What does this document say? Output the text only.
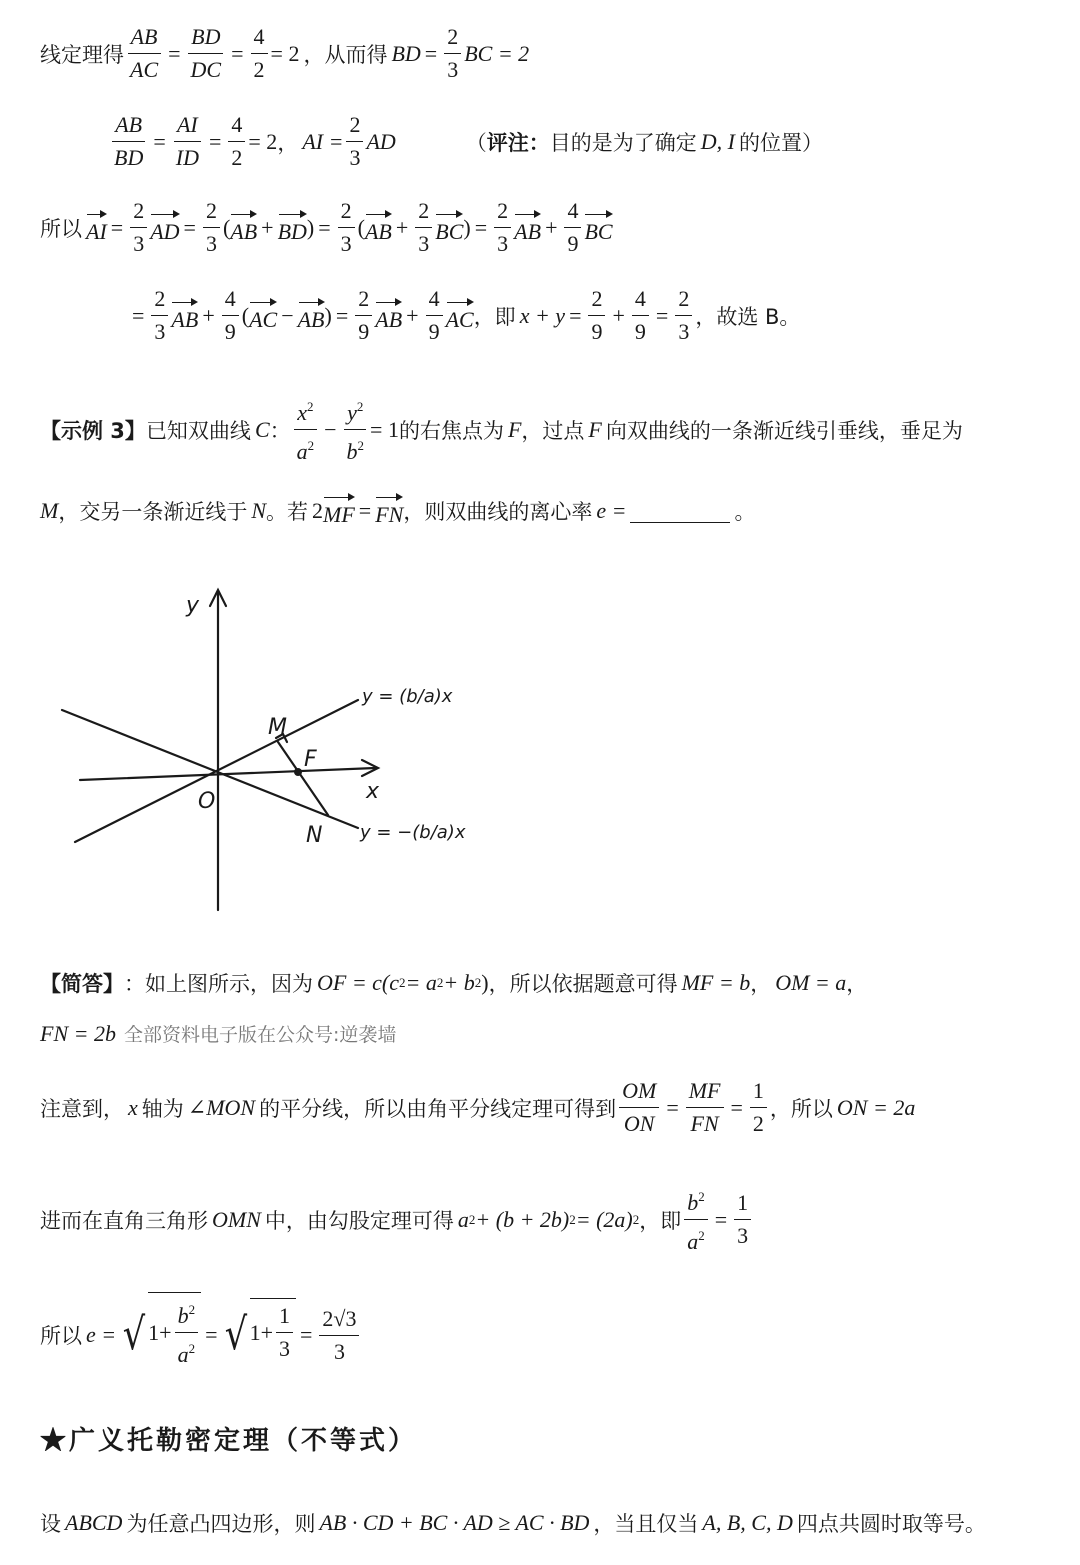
线定理得 $\frac{AB}{AC} = \frac{BD}{DC} = \frac{4}{2} = 2$ ，从而得 BD = $\frac{2}{3}$ BC = 2
$\frac{AB}{BD} = \frac{AI}{ID} = \frac{4}{2} = 2$ ， AI = $\frac{2}{3}$ AD	（ 评注： 目的是为了确定 D, I 的位置）
所以 AI = $\frac{2}{3}$ AD = $\frac{2}{3}$ ( AB + BD ) = $\frac{2}{3}$ ( AB + $\frac{2}{3}$ BC ) = $\frac{2}{3}$ AB + $\frac{4}{9}$ BC
= $\frac{2}{3}$ AB + $\frac{4}{9}$ ( AC − AB ) = $\frac{2}{9}$ AB + $\frac{4}{9}$ AC ，即 $x + y = \frac{2}{9} + \frac{4}{9} = \frac{2}{3}$ ，故选 B。
【示例 3】 已知双曲线 C ： $\frac{x^2}{a^2} - \frac{y^2}{b^2} = 1$ 的右焦点为 F ，过点 F 向双曲线的一条渐近线引垂线，垂足为
M ，交另一条渐近线于 N 。若 2 MF = FN ，则双曲线的离心率 e =	。
y
x
O
M
F
N
y = (b/a)x
y = −(b/a)x
【简答】 ：如上图所示，因为 OF = c(c 2 = a 2 + b 2 ) ，所以依据题意可得 MF = b ， OM = a ，
FN = 2b 全部资料电子版在公众号:逆袭墙
注意到， x 轴为 ∠MON 的平分线，所以由角平分线定理可得到 $\frac{OM}{ON} = \frac{MF}{FN} = \frac{1}{2}$ ，所以 ON = 2a
进而在直角三角形 OMN 中，由勾股定理可得 a 2 + (b + 2b) 2 = (2a) 2 ，即 $\frac{b^2}{a^2} = \frac{1}{3}$
所以 e = √ $1+ \frac{b^2}{a^2}$ = √ $1+ \frac{1}{3} = \frac{2√3}{3}$
★广义托勒密定理（不等式）
设 ABCD 为任意凸四边形，则 AB · CD + BC · AD ≥ AC · BD ，当且仅当 A, B, C, D 四点共圆时取等号。
